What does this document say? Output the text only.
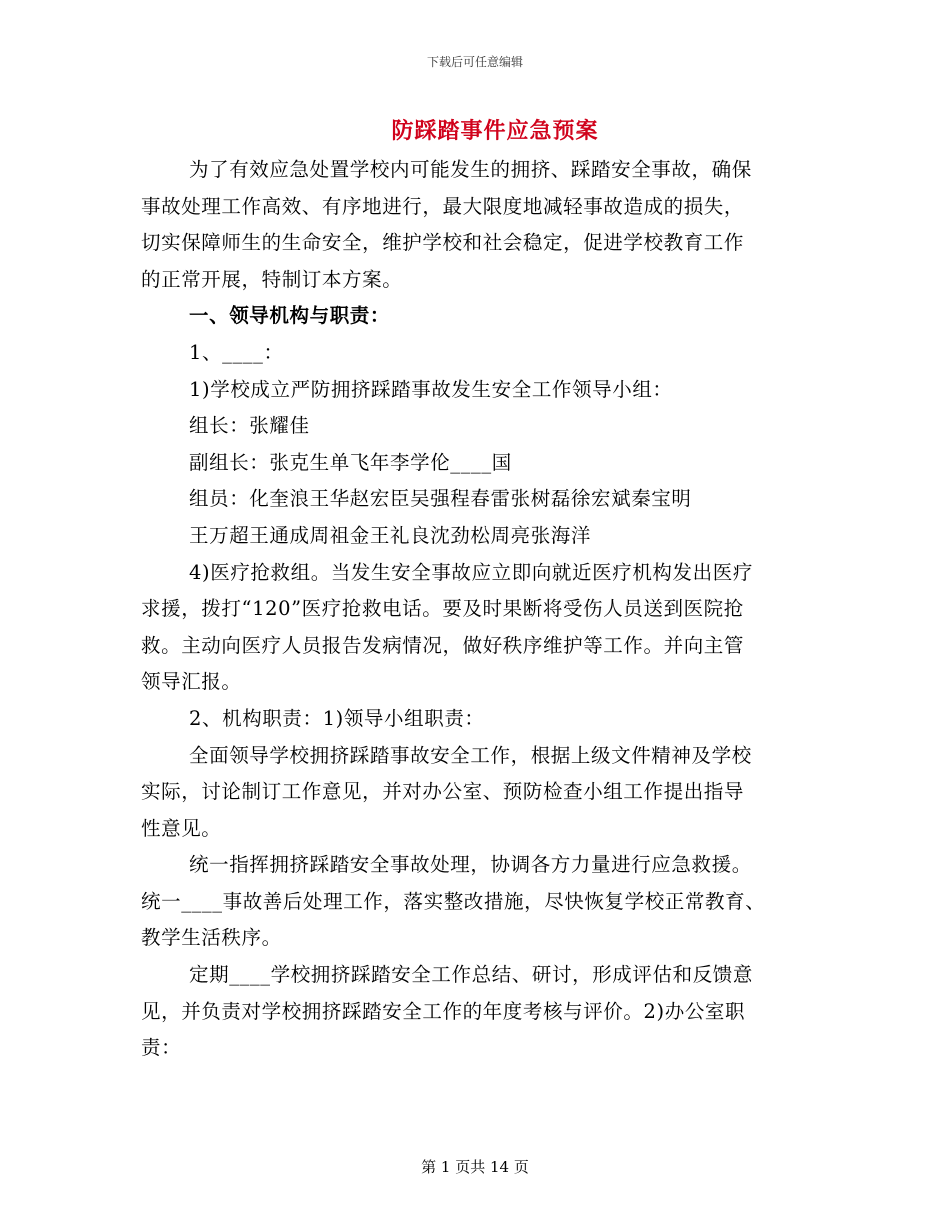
下载后可任意编辑
防踩踏事件应急预案

为了有效应急处置学校内可能发生的拥挤、踩踏安全事故，确保

事故处理工作高效、有序地进行，最大限度地减轻事故造成的损失，

切实保障师生的生命安全，维护学校和社会稳定，促进学校教育工作

的正常开展，特制订本方案。

一、领导机构与职责：

1、____：

1)学校成立严防拥挤踩踏事故发生安全工作领导小组：

组长：张耀佳

副组长：张克生单飞年李学伦____国

组员：化奎浪王华赵宏臣吴强程春雷张树磊徐宏斌秦宝明

王万超王通成周祖金王礼良沈劲松周亮张海洋

4)医疗抢救组。当发生安全事故应立即向就近医疗机构发出医疗

求援，拨打“120”医疗抢救电话。要及时果断将受伤人员送到医院抢

救。主动向医疗人员报告发病情况，做好秩序维护等工作。并向主管

领导汇报。

2、机构职责：1)领导小组职责：

全面领导学校拥挤踩踏事故安全工作，根据上级文件精神及学校

实际，讨论制订工作意见，并对办公室、预防检查小组工作提出指导

性意见。

统一指挥拥挤踩踏安全事故处理，协调各方力量进行应急救援。

统一____事故善后处理工作，落实整改措施，尽快恢复学校正常教育、

教学生活秩序。

定期____学校拥挤踩踏安全工作总结、研讨，形成评估和反馈意

见，并负责对学校拥挤踩踏安全工作的年度考核与评价。2)办公室职

责：

第 1 页共 14 页
